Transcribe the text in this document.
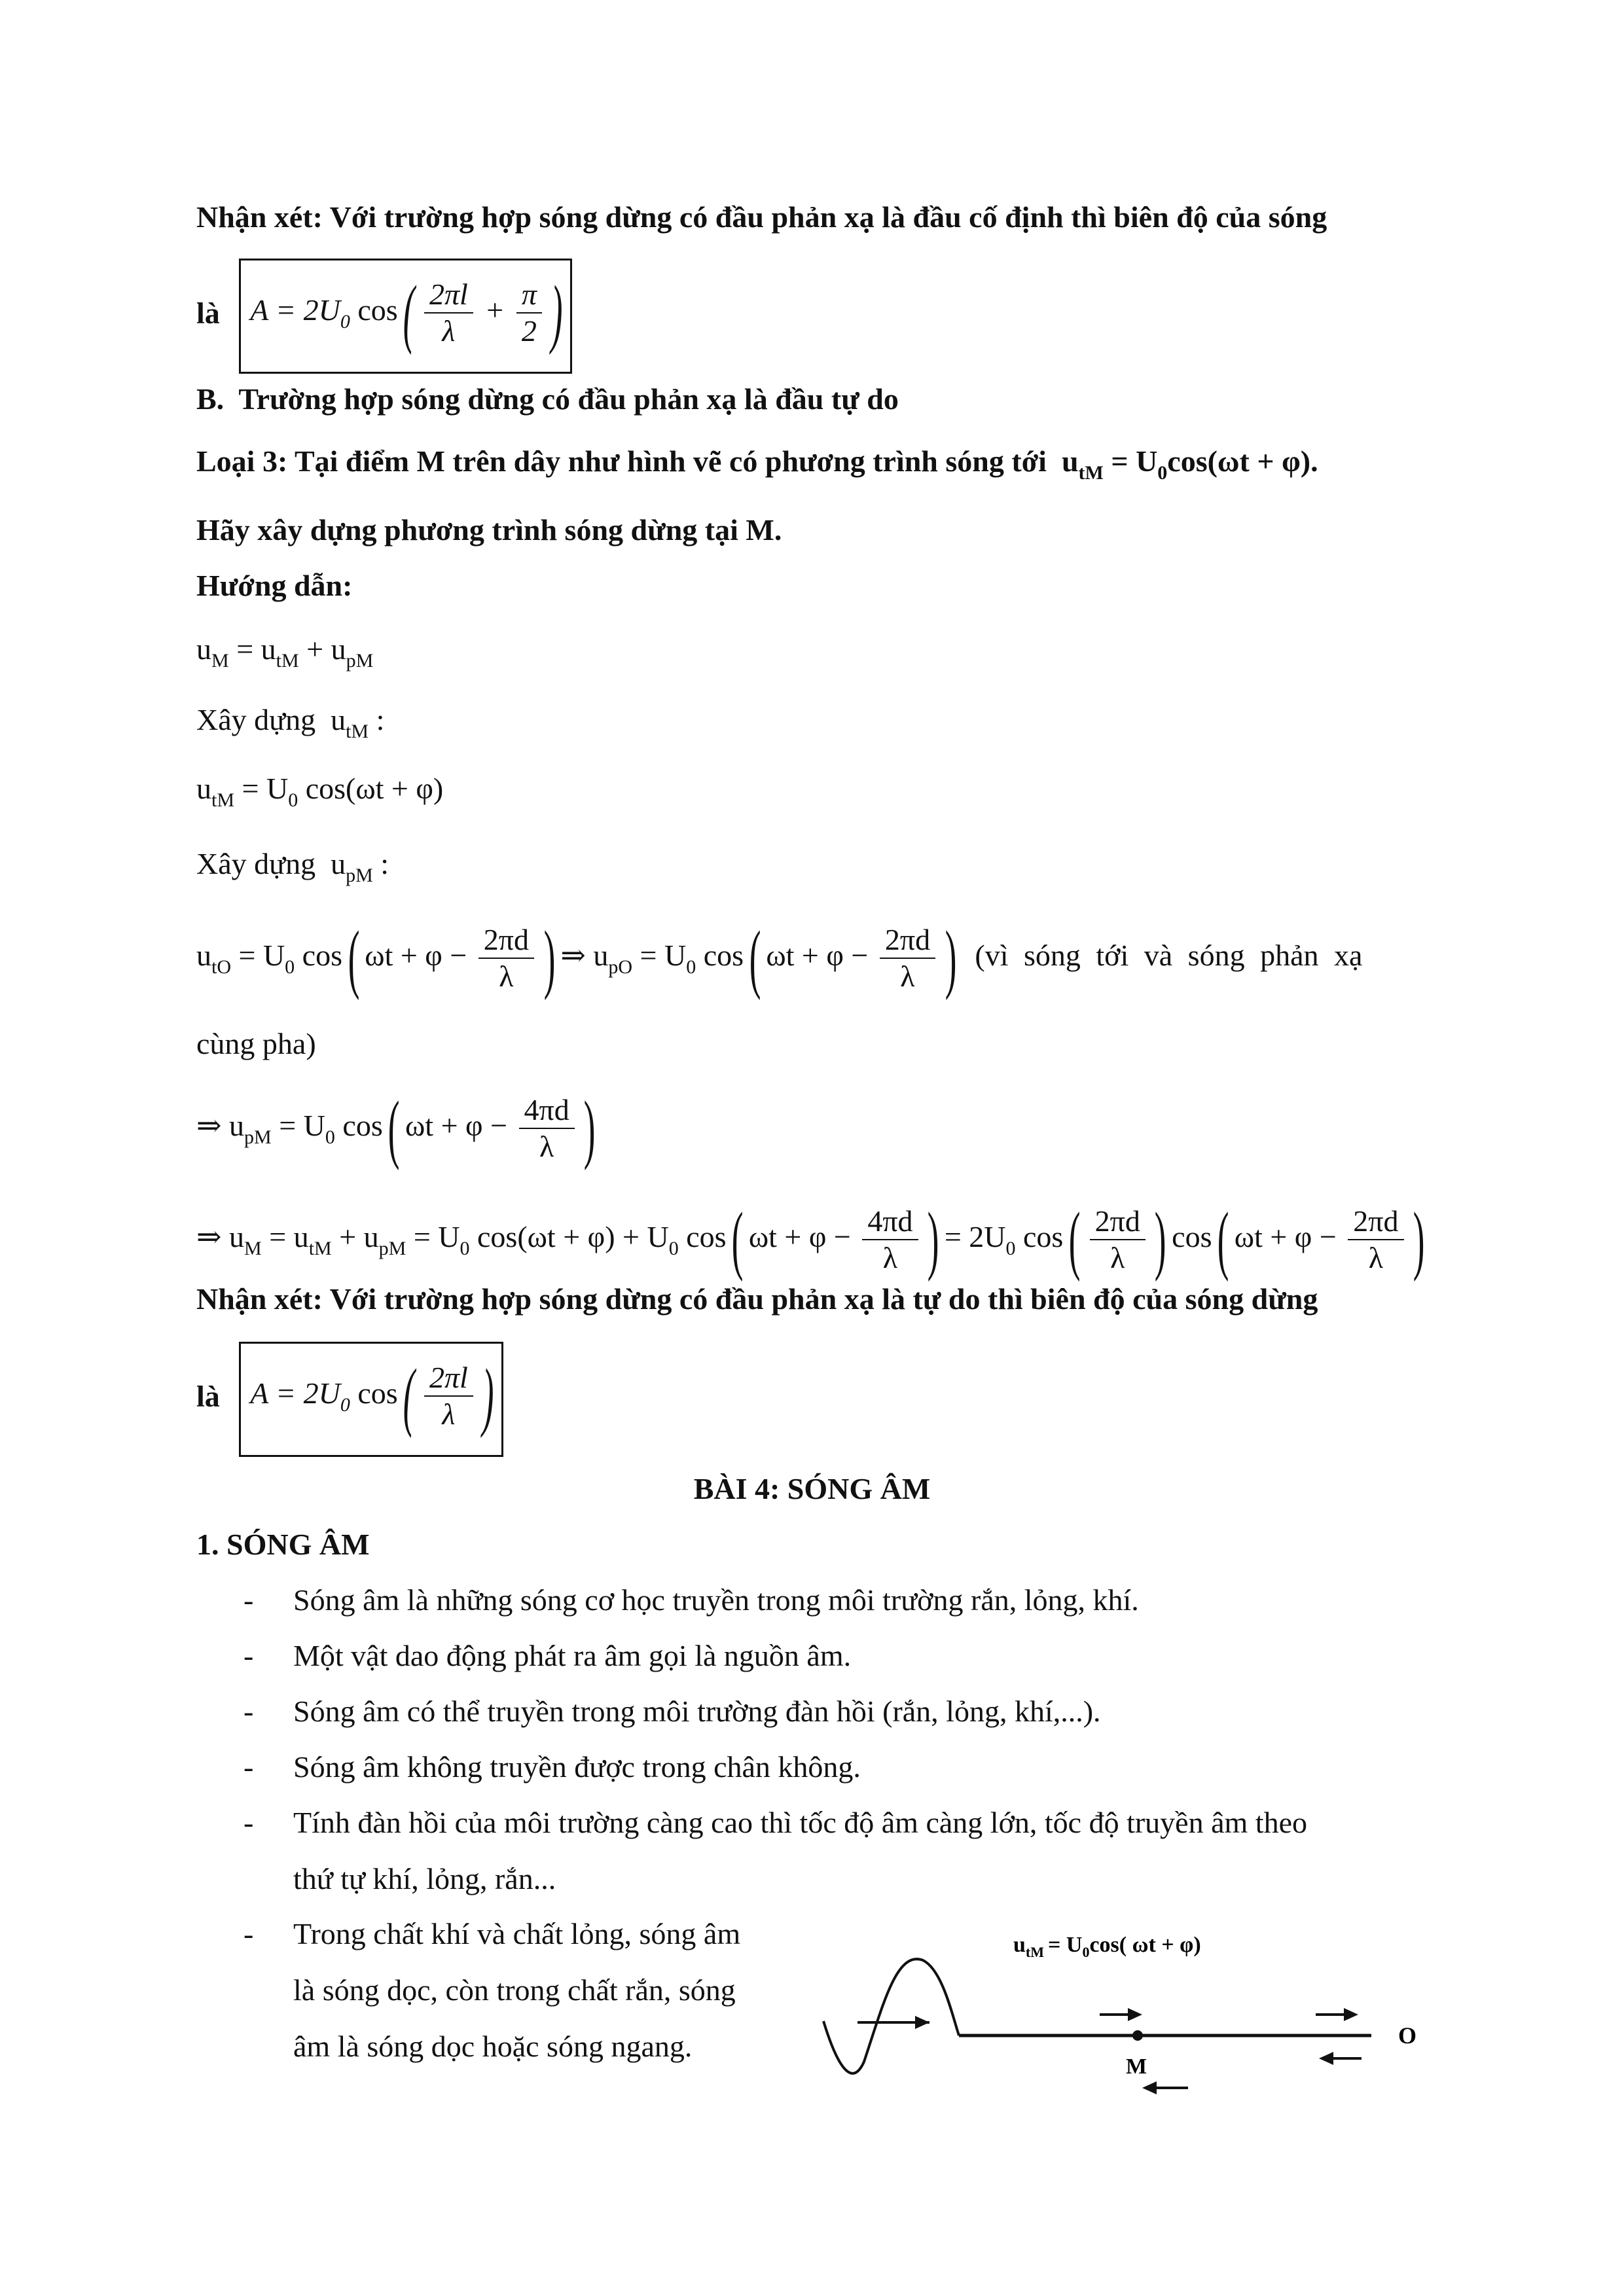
Nhận xét: Với trường hợp sóng dừng có đầu phản xạ là đầu cố định thì biên độ của sóng
là $A = 2U_0$ cos ( $\frac{2\pi l}{\lambda} + \frac{\pi}{2}$ )
B. Trường hợp sóng dừng có đầu phản xạ là đầu tự do
Loại 3: Tại điểm M trên dây như hình vẽ có phương trình sóng tới $u_{tM} = U_0\cos(\omega t + \varphi)$.
Hãy xây dựng phương trình sóng dừng tại M.
Hướng dẫn:
$u_M = u_{tM} + u_{pM}$
Xây dựng $u_{tM}$ :
$u_{tM} = U_0$ cos(ωt + φ)
Xây dựng $u_{pM}$ :
$u_{tO} = U_0$ cos ( $\omega t + \varphi - \frac{2\pi d}{\lambda}$ ) ⇒ $u_{pO} = U_0$ cos ( $\omega t + \varphi - \frac{2\pi d}{\lambda}$ ) (vì sóng tới và sóng phản xạ
cùng pha)
⇒ $u_{pM} = U_0$ cos ( $\omega t + \varphi - \frac{4\pi d}{\lambda}$ )
⇒ $u_M = u_{tM} + u_{pM} = U_0$ $\cos(\omega t + \varphi) + U_0$ cos ( $\omega t + \varphi - \frac{4\pi d}{\lambda}$ ) = $2U_0$ cos ( $\frac{2\pi d}{\lambda}$ ) cos ( $\omega t + \varphi - \frac{2\pi d}{\lambda}$ )
Nhận xét: Với trường hợp sóng dừng có đầu phản xạ là tự do thì biên độ của sóng dừng
là $A = 2U_0$ cos ( $\frac{2\pi l}{\lambda}$ )
BÀI 4: SÓNG ÂM
1. SÓNG ÂM
- Sóng âm là những sóng cơ học truyền trong môi trường rắn, lỏng, khí.
- Một vật dao động phát ra âm gọi là nguồn âm.
- Sóng âm có thể truyền trong môi trường đàn hồi (rắn, lỏng, khí,...).
- Sóng âm không truyền được trong chân không.
- Tính đàn hồi của môi trường càng cao thì tốc độ âm càng lớn, tốc độ truyền âm theo
thứ tự khí, lỏng, rắn...
- Trong chất khí và chất lỏng, sóng âm
là sóng dọc, còn trong chất rắn, sóng
âm là sóng dọc hoặc sóng ngang.
$u_{tM} = U_0\cos$( ωt + φ)
M
O
